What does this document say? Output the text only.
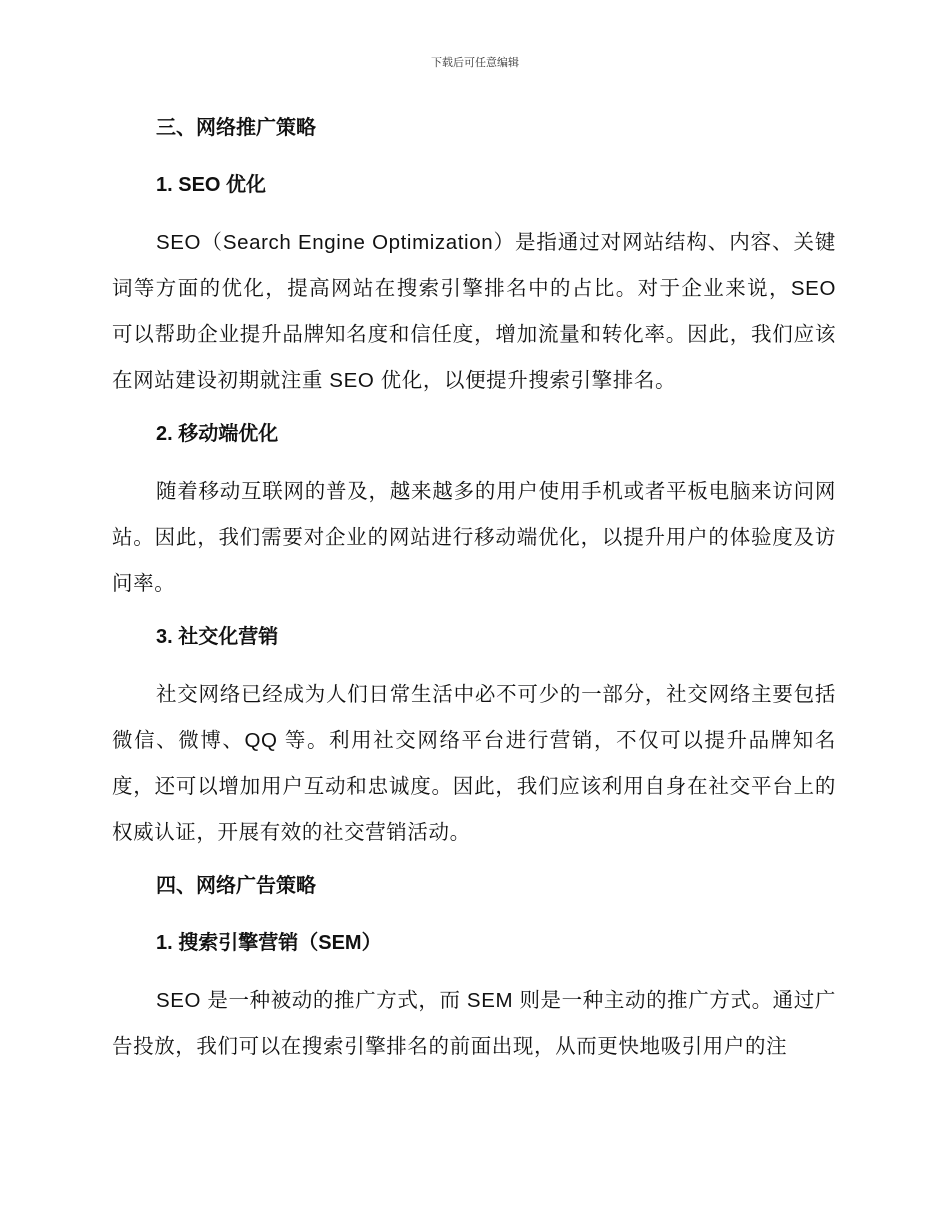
下载后可任意编辑
三、网络推广策略
1. SEO 优化
SEO（Search Engine Optimization）是指通过对网站结构、内容、关键词等方面的优化，提高网站在搜索引擎排名中的占比。对于企业来说，SEO 可以帮助企业提升品牌知名度和信任度，增加流量和转化率。因此，我们应该在网站建设初期就注重 SEO 优化，以便提升搜索引擎排名。
2. 移动端优化
随着移动互联网的普及，越来越多的用户使用手机或者平板电脑来访问网站。因此，我们需要对企业的网站进行移动端优化，以提升用户的体验度及访问率。
3. 社交化营销
社交网络已经成为人们日常生活中必不可少的一部分，社交网络主要包括微信、微博、QQ 等。利用社交网络平台进行营销，不仅可以提升品牌知名度，还可以增加用户互动和忠诚度。因此，我们应该利用自身在社交平台上的权威认证，开展有效的社交营销活动。
四、网络广告策略
1. 搜索引擎营销（SEM）
SEO 是一种被动的推广方式，而 SEM 则是一种主动的推广方式。通过广告投放，我们可以在搜索引擎排名的前面出现，从而更快地吸引用户的注
